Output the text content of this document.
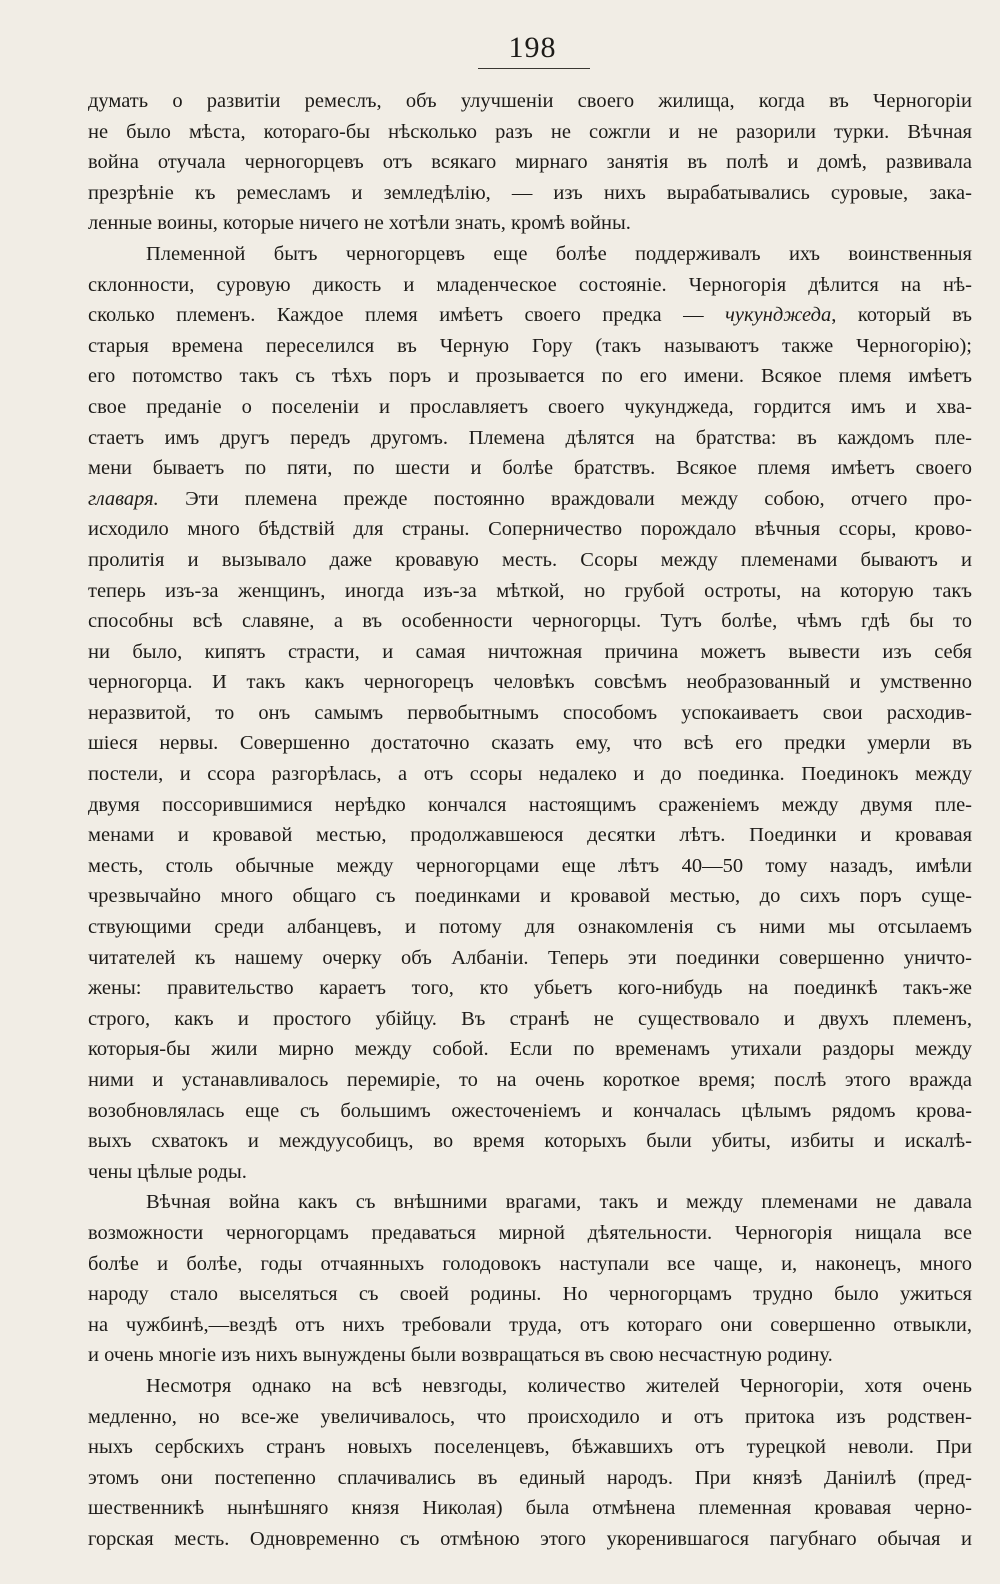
198
думать о развитіи ремеслъ, объ улучшеніи своего жилища, когда въ Черногоріи
не было мѣста, котораго-бы нѣсколько разъ не сожгли и не разорили турки. Вѣчная
война отучала черногорцевъ отъ всякаго мирнаго занятія въ полѣ и домѣ, развивала
презрѣніе къ ремесламъ и земледѣлію, — изъ нихъ вырабатывались суровые, зака-
ленные воины, которые ничего не хотѣли знать, кромѣ войны.
Племенной бытъ черногорцевъ еще болѣе поддерживалъ ихъ воинственныя
склонности, суровую дикость и младенческое состояніе. Черногорія дѣлится на нѣ-
сколько племенъ. Каждое племя имѣетъ своего предка — чукунджеда, который въ
старыя времена переселился въ Черную Гору (такъ называютъ также Черногорію);
его потомство такъ съ тѣхъ поръ и прозывается по его имени. Всякое племя имѣетъ
свое преданіе о поселеніи и прославляетъ своего чукунджеда, гордится имъ и хва-
стаетъ имъ другъ передъ другомъ. Племена дѣлятся на братства: въ каждомъ пле-
мени бываетъ по пяти, по шести и болѣе братствъ. Всякое племя имѣетъ своего
главаря. Эти племена прежде постоянно враждовали между собою, отчего про-
исходило много бѣдствій для страны. Соперничество порождало вѣчныя ссоры, крово-
пролитія и вызывало даже кровавую месть. Ссоры между племенами бываютъ и
теперь изъ-за женщинъ, иногда изъ-за мѣткой, но грубой остроты, на которую такъ
способны всѣ славяне, а въ особенности черногорцы. Тутъ болѣе, чѣмъ гдѣ бы то
ни было, кипятъ страсти, и самая ничтожная причина можетъ вывести изъ себя
черногорца. И такъ какъ черногорецъ человѣкъ совсѣмъ необразованный и умственно
неразвитой, то онъ самымъ первобытнымъ способомъ успокаиваетъ свои расходив-
шіеся нервы. Совершенно достаточно сказать ему, что всѣ его предки умерли въ
постели, и ссора разгорѣлась, а отъ ссоры недалеко и до поединка. Поединокъ между
двумя поссорившимися нерѣдко кончался настоящимъ сраженіемъ между двумя пле-
менами и кровавой местью, продолжавшеюся десятки лѣтъ. Поединки и кровавая
месть, столь обычные между черногорцами еще лѣтъ 40—50 тому назадъ, имѣли
чрезвычайно много общаго съ поединками и кровавой местью, до сихъ поръ суще-
ствующими среди албанцевъ, и потому для ознакомленія съ ними мы отсылаемъ
читателей къ нашему очерку объ Албаніи. Теперь эти поединки совершенно уничто-
жены: правительство караетъ того, кто убьетъ кого-нибудь на поединкѣ такъ-же
строго, какъ и простого убійцу. Въ странѣ не существовало и двухъ племенъ,
которыя-бы жили мирно между собой. Если по временамъ утихали раздоры между
ними и устанавливалось перемиріе, то на очень короткое время; послѣ этого вражда
возобновлялась еще съ большимъ ожесточеніемъ и кончалась цѣлымъ рядомъ крова-
выхъ схватокъ и междуусобицъ, во время которыхъ были убиты, избиты и искалѣ-
чены цѣлые роды.
Вѣчная война какъ съ внѣшними врагами, такъ и между племенами не давала
возможности черногорцамъ предаваться мирной дѣятельности. Черногорія нищала все
болѣе и болѣе, годы отчаянныхъ голодовокъ наступали все чаще, и, наконецъ, много
народу стало выселяться съ своей родины. Но черногорцамъ трудно было ужиться
на чужбинѣ,—вездѣ отъ нихъ требовали труда, отъ котораго они совершенно отвыкли,
и очень многіе изъ нихъ вынуждены были возвращаться въ свою несчастную родину.
Несмотря однако на всѣ невзгоды, количество жителей Черногоріи, хотя очень
медленно, но все-же увеличивалось, что происходило и отъ притока изъ родствен-
ныхъ сербскихъ странъ новыхъ поселенцевъ, бѣжавшихъ отъ турецкой неволи. При
этомъ они постепенно сплачивались въ единый народъ. При князѣ Даніилѣ (пред-
шественникѣ нынѣшняго князя Николая) была отмѣнена племенная кровавая черно-
горская месть. Одновременно съ отмѣною этого укоренившагося пагубнаго обычая и
